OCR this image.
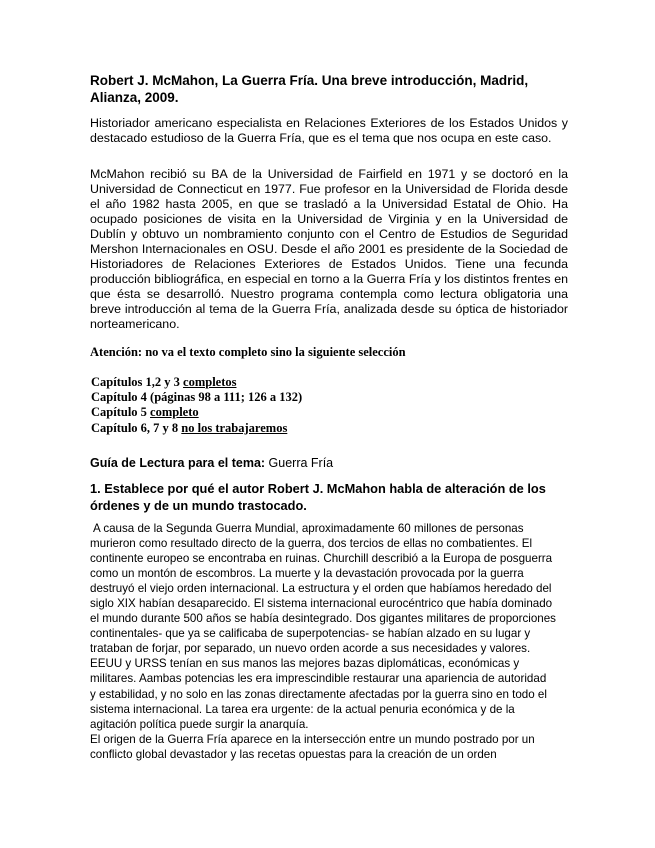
Robert J. McMahon, La Guerra Fría. Una breve introducción, Madrid, Alianza, 2009.
Historiador americano especialista en Relaciones Exteriores de los Estados Unidos y destacado estudioso de la Guerra Fría, que es el tema que nos ocupa en este caso.
McMahon recibió su BA de la Universidad de Fairfield en 1971 y se doctoró en la Universidad de Connecticut en 1977. Fue profesor en la Universidad de Florida desde el año 1982 hasta 2005, en que se trasladó a la Universidad Estatal de Ohio. Ha ocupado posiciones de visita en la Universidad de Virginia y en la Universidad de Dublín y obtuvo un nombramiento conjunto con el Centro de Estudios de Seguridad Mershon Internacionales en OSU. Desde el año 2001 es presidente de la Sociedad de Historiadores de Relaciones Exteriores de Estados Unidos. Tiene una fecunda producción bibliográfica, en especial en torno a la Guerra Fría y los distintos frentes en que ésta se desarrolló. Nuestro programa contempla como lectura obligatoria una breve introducción al tema de la Guerra Fría, analizada desde su óptica de historiador norteamericano.
Atención: no va el texto completo sino la siguiente selección
Capítulos 1,2 y 3 completos
Capítulo 4 (páginas 98 a 111; 126 a 132)
Capítulo 5 completo
Capítulo 6, 7 y 8 no los trabajaremos
Guía de Lectura para el tema: Guerra Fría
1. Establece por qué el autor Robert J. McMahon habla de alteración de los órdenes y de un mundo trastocado.
A causa de la Segunda Guerra Mundial, aproximadamente 60 millones de personas
murieron como resultado directo de la guerra, dos tercios de ellas no combatientes. El
continente europeo se encontraba en ruinas. Churchill describió a la Europa de posguerra
como un montón de escombros. La muerte y la devastación provocada por la guerra
destruyó el viejo orden internacional. La estructura y el orden que habíamos heredado del
siglo XIX habían desaparecido. El sistema internacional eurocéntrico que había dominado
el mundo durante 500 años se había desintegrado. Dos gigantes militares de proporciones
continentales- que ya se calificaba de superpotencias- se habían alzado en su lugar y
trataban de forjar, por separado, un nuevo orden acorde a sus necesidades y valores.
EEUU y URSS tenían en sus manos las mejores bazas diplomáticas, económicas y
militares. Aambas potencias les era imprescindible restaurar una apariencia de autoridad
y estabilidad, y no solo en las zonas directamente afectadas por la guerra sino en todo el
sistema internacional. La tarea era urgente: de la actual penuria económica y de la
agitación política puede surgir la anarquía.
El origen de la Guerra Fría aparece en la intersección entre un mundo postrado por un
conflicto global devastador y las recetas opuestas para la creación de un orden
